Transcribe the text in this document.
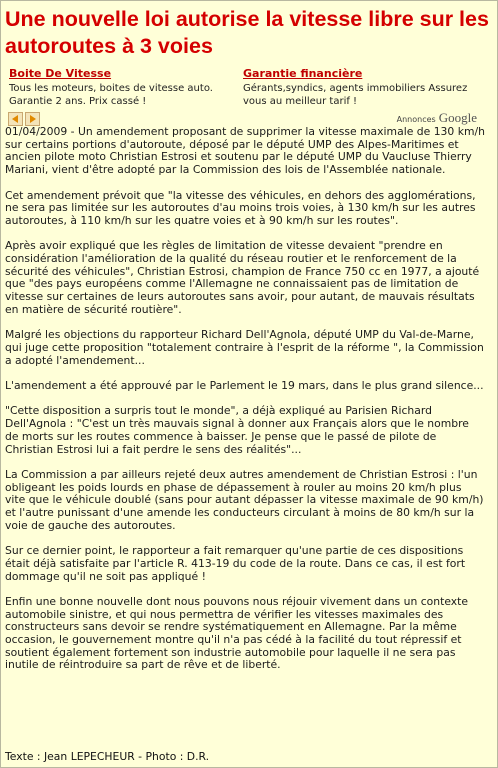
Une nouvelle loi autorise la vitesse libre sur les autoroutes à 3 voies
Boite De Vitesse
Tous les moteurs, boites de vitesse auto. Garantie 2 ans. Prix cassé !
Garantie financière
Gérants,syndics, agents immobiliers Assurez vous au meilleur tarif !
Annonces Google

01/04/2009 - Un amendement proposant de supprimer la vitesse maximale de 130 km/h sur certains portions d'autoroute, déposé par le député UMP des Alpes-Maritimes et ancien pilote moto Christian Estrosi et soutenu par le député UMP du Vaucluse Thierry Mariani, vient d'être adopté par la Commission des lois de l'Assemblée nationale.

Cet amendement prévoit que "la vitesse des véhicules, en dehors des agglomérations, ne sera pas limitée sur les autoroutes d'au moins trois voies, à 130 km/h sur les autres autoroutes, à 110 km/h sur les quatre voies et à 90 km/h sur les routes".

Après avoir expliqué que les règles de limitation de vitesse devaient "prendre en considération l'amélioration de la qualité du réseau routier et le renforcement de la sécurité des véhicules", Christian Estrosi, champion de France 750 cc en 1977, a ajouté que "des pays européens comme l'Allemagne ne connaissaient pas de limitation de vitesse sur certaines de leurs autoroutes sans avoir, pour autant, de mauvais résultats en matière de sécurité routière".

Malgré les objections du rapporteur Richard Dell'Agnola, député UMP du Val-de-Marne, qui juge cette proposition "totalement contraire à l'esprit de la réforme ", la Commission a adopté l'amendement...

L'amendement a été approuvé par le Parlement le 19 mars, dans le plus grand silence...

"Cette disposition a surpris tout le monde", a déjà expliqué au Parisien Richard Dell'Agnola : "C'est un très mauvais signal à donner aux Français alors que le nombre de morts sur les routes commence à baisser. Je pense que le passé de pilote de Christian Estrosi lui a fait perdre le sens des réalités"...

La Commission a par ailleurs rejeté deux autres amendement de Christian Estrosi : l'un obligeant les poids lourds en phase de dépassement à rouler au moins 20 km/h plus vite que le véhicule doublé (sans pour autant dépasser la vitesse maximale de 90 km/h) et l'autre punissant d'une amende les conducteurs circulant à moins de 80 km/h sur la voie de gauche des autoroutes.

Sur ce dernier point, le rapporteur a fait remarquer qu'une partie de ces dispositions était déjà satisfaite par l'article R. 413-19 du code de la route. Dans ce cas, il est fort dommage qu'il ne soit pas appliqué !

Enfin une bonne nouvelle dont nous pouvons nous réjouir vivement dans un contexte automobile sinistre, et qui nous permettra de vérifier les vitesses maximales des constructeurs sans devoir se rendre systématiquement en Allemagne. Par la même occasion, le gouvernement montre qu'il n'a pas cédé à la facilité du tout répressif et soutient également fortement son industrie automobile pour laquelle il ne sera pas inutile de réintroduire sa part de rêve et de liberté.

Texte : Jean LEPECHEUR - Photo : D.R.
